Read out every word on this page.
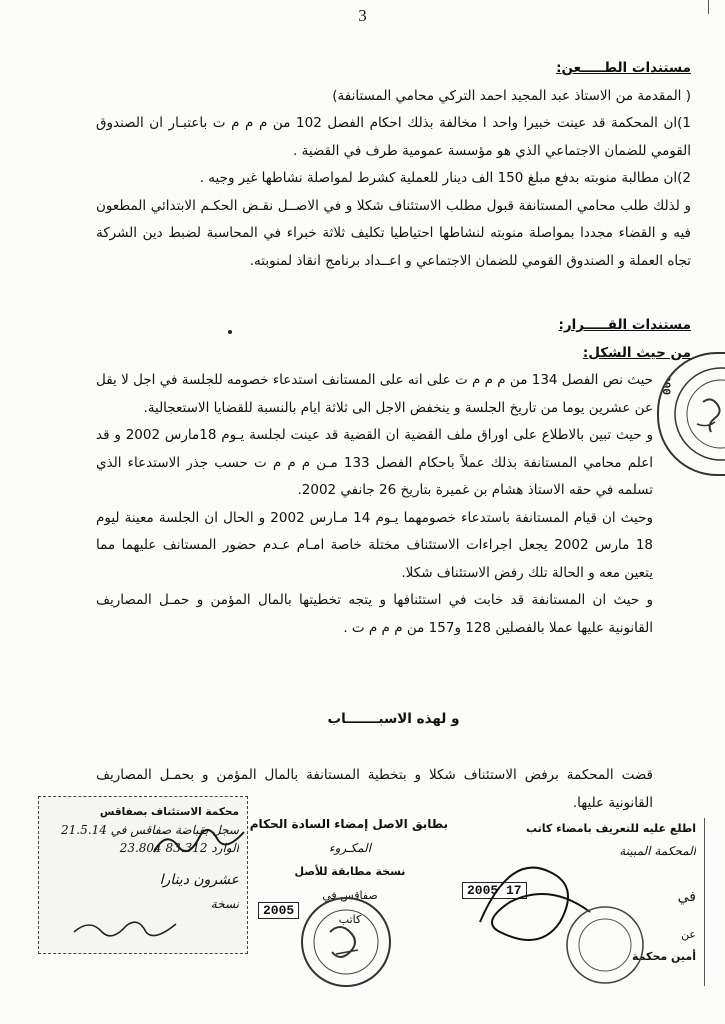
3

مستندات الطـــــعن:

( المقدمة من الاستاذ عبد المجيد احمد التركي محامي المستانفة)

1)ان المحكمة قد عينت خبيرا واحد ا مخالفة بذلك احكام الفصل 102 من م م م ت باعتبـار ان الصندوق القومي للضمان الاجتماعي الذي هو مؤسسة عمومية طرف في القضية .

2)ان مطالبة منوبته بدفع مبلغ 150 الف دينار للعملية كشرط لمواصلة نشاطها غير وجيه .

و لذلك طلب محامي المستانفة قبول مطلب الاستئناف شكلا و في الاصــل نقـض الحكـم الابتدائي المطعون فيه و القضاء مجددا بمواصلة منوبته لنشاطها احتياطيا تكليف ثلاثة خبراء في المحاسبة لضبط دين الشركة تجاه العملة و الصندوق القومي للضمان الاجتماعي و اعــداد برنامج انقاذ لمنوبته.

مستندات القـــــرار:

من حيث الشكل:

حيث نص الفصل 134 من م م م ت على انه على المستانف استدعاء خصومه للجلسة في اجل لا يقل عن عشرين يوما من تاريخ الجلسة و ينخفض الاجل الى ثلاثة ايام بالنسبة للقضايا الاستعجالية.

و حيث تبين بالاطلاع على اوراق ملف القضية ان القضية قد عينت لجلسة يـوم 18مارس 2002 و قد اعلم محامي المستانفة بذلك عملاً باحكام الفصل 133 مـن م م م ت حسب جذر الاستدعاء الذي تسلمه في حقه الاستاذ هشام بن غميرة بتاريخ 26 جانفي 2002.

وحيث ان قيام المستانفة باستدعاء خصومهما يـوم 14 مـارس 2002 و الحال ان الجلسة معينة ليوم 18 مارس 2002 يجعل اجراءات الاستئناف مختلة خاصة امـام عـدم حضور المستانف عليهما مما يتعين معه و الحالة تلك رفض الاستئناف شكلا.

و حيث ان المستانفة قد خابت في استئنافها و يتجه تخطيتها بالمال المؤمن و حمـل المصاريف القانونية عليها عملا بالفصلين 128 و157 من م م م ت .

و لهذه الاسبـــــــاب

قضت المحكمة برفض الاستئناف شكلا و بتخطية المستانفة بالمال المؤمن و بحمـل المصاريف القانونية عليها.

2.000
محكمة الاستئناف بصفاقس
سجل بقباضة صفاقس في 21.5.14
الوارد 83.312 23.804
عشرون دينارا
نسخة
بطابق الاصل إمضاء السادة الحكام
المكـروء
نسخة مطابقة للأصل
صفاقس في
كاتب
2005
اطلع عليه للتعريف بامضاء كاتب
المحكمة المبينة
في
عن
أمين محكمة
2005 17
